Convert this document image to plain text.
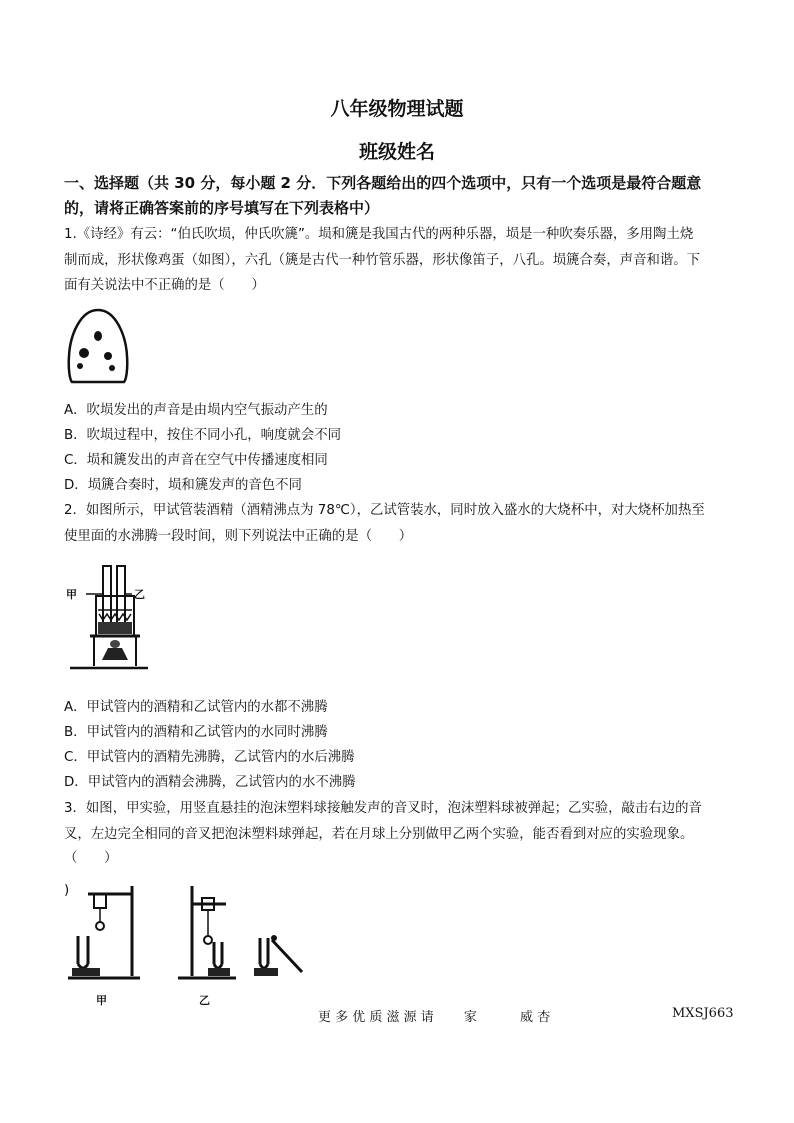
八年级物理试题
班级姓名
一、选择题（共 30 分，每小题 2 分．下列各题给出的四个选项中，只有一个选项是最符合题意
的，请将正确答案前的序号填写在下列表格中）
1.《诗经》有云：“伯氏吹埙，仲氏吹篪”。埙和篪是我国古代的两种乐器，埙是一种吹奏乐器，多用陶土烧
制而成，形状像鸡蛋（如图），六孔（篪是古代一种竹管乐器，形状像笛子，八孔。埙篪合奏，声音和谐。下
面有关说法中不正确的是（　　）
A．吹埙发出的声音是由埙内空气振动产生的
B．吹埙过程中，按住不同小孔，响度就会不同
C．埙和篪发出的声音在空气中传播速度相同
D．埙篪合奏时，埙和篪发声的音色不同
2．如图所示，甲试管装酒精（酒精沸点为 78℃），乙试管装水，同时放入盛水的大烧杯中，对大烧杯加热至
使里面的水沸腾一段时间，则下列说法中正确的是（　　）
甲	乙
A．甲试管内的酒精和乙试管内的水都不沸腾
B．甲试管内的酒精和乙试管内的水同时沸腾
C．甲试管内的酒精先沸腾，乙试管内的水后沸腾
D．甲试管内的酒精会沸腾，乙试管内的水不沸腾
3．如图，甲实验，用竖直悬挂的泡沫塑料球接触发声的音叉时，泡沫塑料球被弹起；乙实验，敲击右边的音
叉，左边完全相同的音叉把泡沫塑料球弹起，若在月球上分别做甲乙两个实验，能否看到对应的实验现象。
（　　）
)
甲	乙
更 多 优 质 滋 源 请　　 家　　　 威 杏	MXSJ663
